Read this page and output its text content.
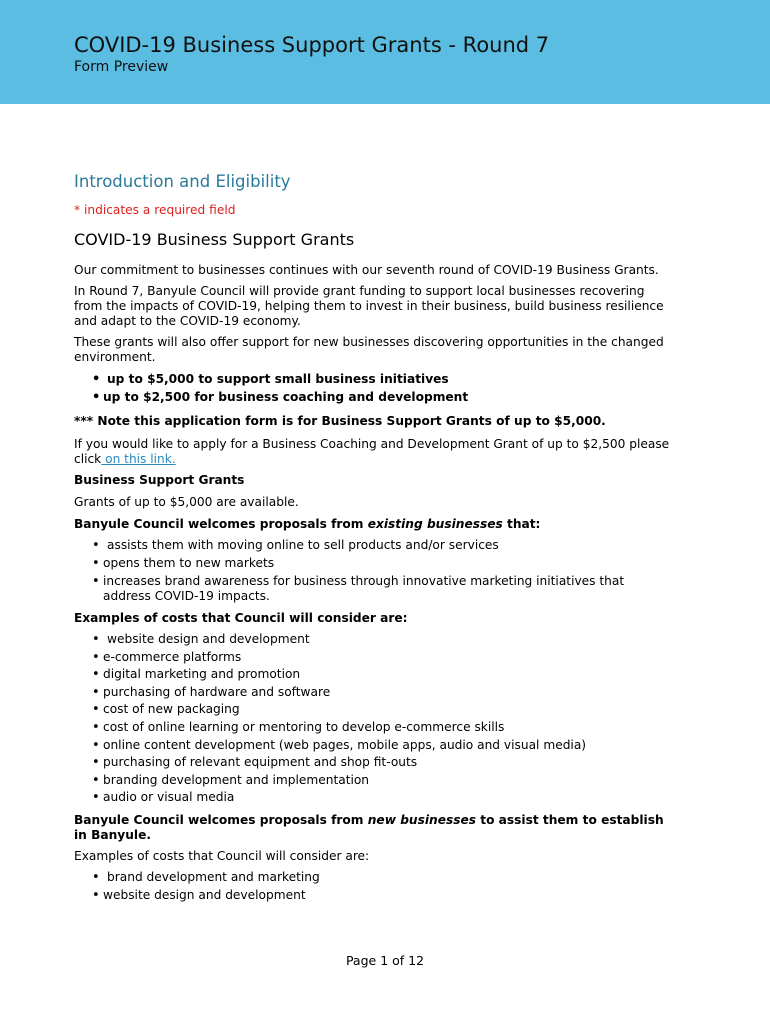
COVID-19 Business Support Grants - Round 7
Form Preview
Introduction and Eligibility
* indicates a required field
COVID-19 Business Support Grants

Our commitment to businesses continues with our seventh round of COVID-19 Business Grants.

In Round 7, Banyule Council will provide grant funding to support local businesses recovering from the impacts of COVID-19, helping them to invest in their business, build business resilience and adapt to the COVID-19 economy.

These grants will also offer support for new businesses discovering opportunities in the changed environment.

• up to $5,000 to support small business initiatives
• up to $2,500 for business coaching and development

*** Note this application form is for Business Support Grants of up to $5,000.

If you would like to apply for a Business Coaching and Development Grant of up to $2,500 please click on this link.

Business Support Grants

Grants of up to $5,000 are available.

Banyule Council welcomes proposals from existing businesses that:

• assists them with moving online to sell products and/or services
• opens them to new markets
• increases brand awareness for business through innovative marketing initiatives that address COVID-19 impacts.

Examples of costs that Council will consider are:

• website design and development
• e-commerce platforms
• digital marketing and promotion
• purchasing of hardware and software
• cost of new packaging
• cost of online learning or mentoring to develop e-commerce skills
• online content development (web pages, mobile apps, audio and visual media)
• purchasing of relevant equipment and shop fit-outs
• branding development and implementation
• audio or visual media

Banyule Council welcomes proposals from new businesses to assist them to establish in Banyule.

Examples of costs that Council will consider are:

• brand development and marketing
• website design and development
Page 1 of 12
